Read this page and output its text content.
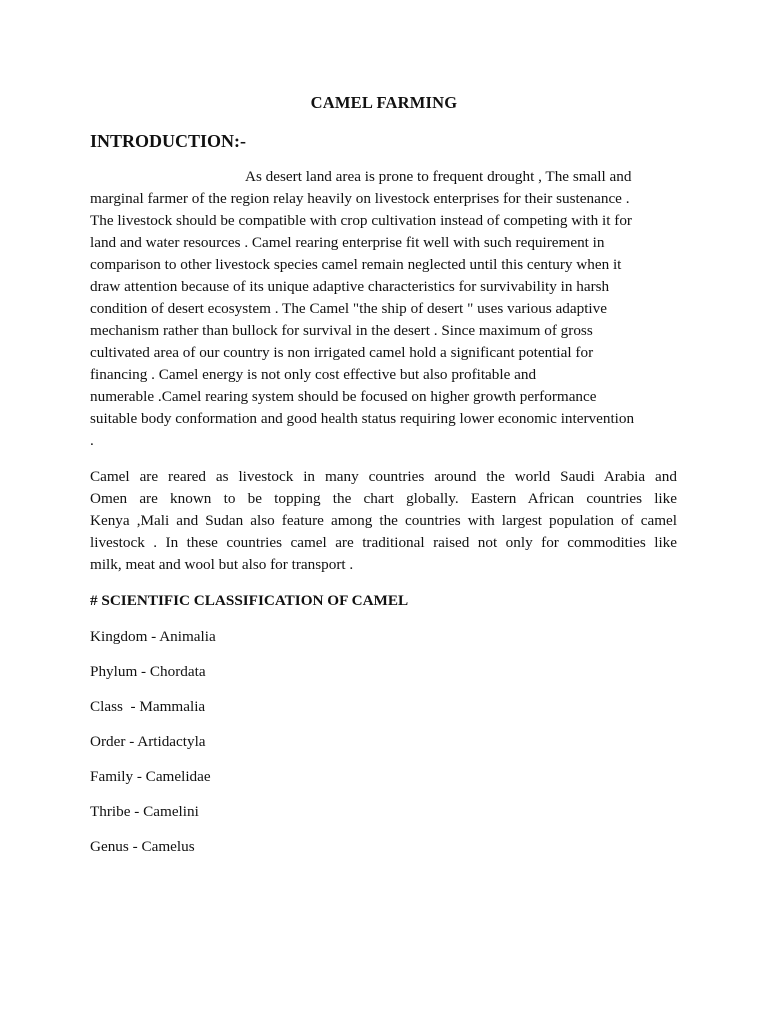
CAMEL FARMING
INTRODUCTION:-
As desert land area is prone to frequent drought , The small and
marginal farmer of the region relay heavily on livestock enterprises for their sustenance .
The livestock should be compatible with crop cultivation instead of competing with it for
land and water resources . Camel rearing enterprise fit well with such requirement in
comparison to other livestock species camel remain neglected until this century when it
draw attention because of its unique adaptive characteristics for survivability in harsh
condition of desert ecosystem . The Camel "the ship of desert " uses various adaptive
mechanism rather than bullock for survival in the desert . Since maximum of gross
cultivated area of our country is non irrigated camel hold a significant potential for
financing . Camel energy is not only cost effective but also profitable and
numerable .Camel rearing system should be focused on higher growth performance
suitable body conformation and good health status requiring lower economic intervention
.
Camel are reared as livestock in many countries around the world Saudi Arabia and
Omen are known to be topping the chart globally. Eastern African countries like
Kenya ,Mali and Sudan also feature among the countries with largest population of camel
livestock . In these countries camel are traditional raised not only for commodities like
milk, meat and wool but also for transport .
# SCIENTIFIC CLASSIFICATION OF CAMEL
Kingdom - Animalia
Phylum - Chordata
Class  - Mammalia
Order - Artidactyla
Family - Camelidae
Thribe - Camelini
Genus - Camelus
